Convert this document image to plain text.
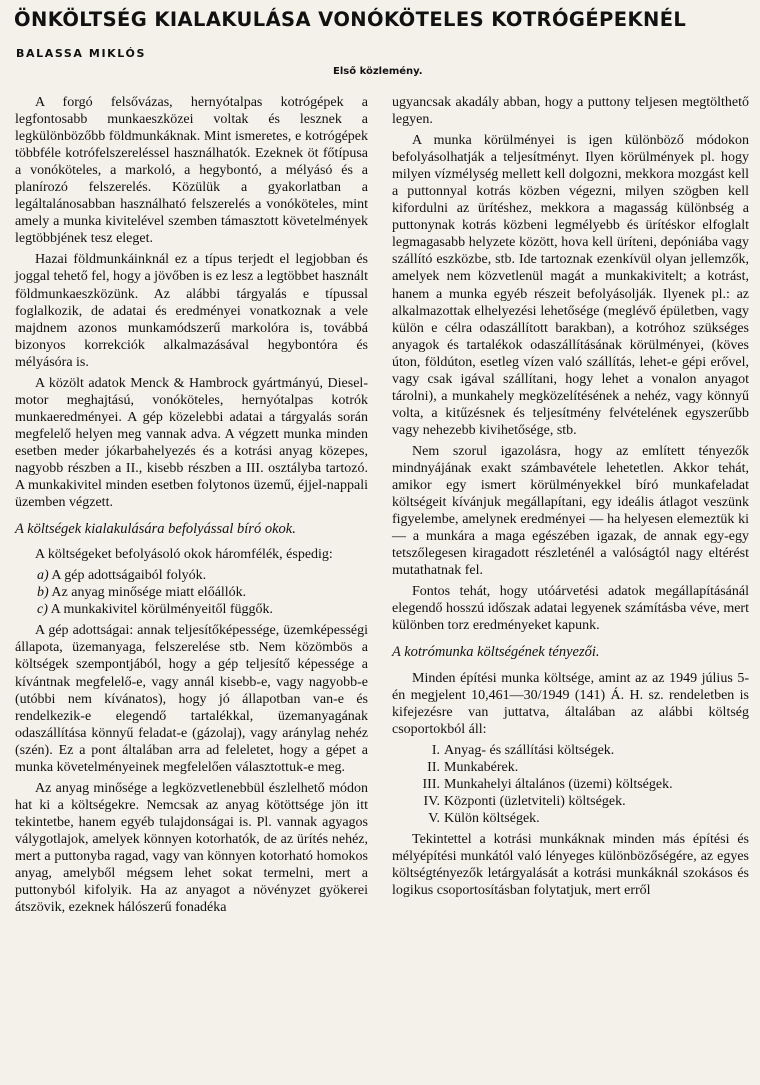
ÖNKÖLTSÉG KIALAKULÁSA VONÓKÖTELES KOTRÓGÉPEKNÉL
BALASSA MIKLÓS
Első közlemény.

A forgó felsővázas, hernyótalpas kotrógépek a legfontosabb munkaeszközei voltak és lesznek a legkülönbözőbb földmunkáknak. Mint ismeretes, e kotrógépek többféle kotrófelszereléssel használhatók. Ezeknek öt főtípusa a vonóköteles, a markoló, a hegybontó, a mélyásó és a planírozó felszerelés. Közülük a gyakorlatban a legáltalánosabban használható felszerelés a vonóköteles, mint amely a munka kivitelével szemben támasztott követelmények legtöbbjének tesz eleget.

Hazai földmunkáinknál ez a típus terjedt el legjobban és joggal tehető fel, hogy a jövőben is ez lesz a legtöbbet használt földmunkaeszközünk. Az alábbi tárgyalás e típussal foglalkozik, de adatai és eredményei vonatkoznak a vele majdnem azonos munkamódszerű markolóra is, továbbá bizonyos korrekciók alkalmazásával hegybontóra és mélyásóra is.

A közölt adatok Menck & Hambrock gyártmányú, Diesel-motor meghajtású, vonóköteles, hernyótalpas kotrók munkaeredményei. A gép közelebbi adatai a tárgyalás során megfelelő helyen meg vannak adva. A végzett munka minden esetben meder jókarbahelyezés és a kotrási anyag közepes, nagyobb részben a II., kisebb részben a III. osztályba tartozó. A munkakivitel minden esetben folytonos üzemű, éjjel-nappali üzemben végzett.

A költségek kialakulására befolyással bíró okok.

A költségeket befolyásoló okok háromfélék, éspedig:

a) A gép adottságaiból folyók.
b) Az anyag minősége miatt előállók.
c) A munkakivitel körülményeitől függők.

A gép adottságai: annak teljesítőképessége, üzemképességi állapota, üzemanyaga, felszerelése stb. Nem közömbös a költségek szempontjából, hogy a gép teljesítő képessége a kívántnak megfelelő-e, vagy annál kisebb-e, vagy nagyobb-e (utóbbi nem kívánatos), hogy jó állapotban van-e és rendelkezik-e elegendő tartalékkal, üzemanyagának odaszállítása könnyű feladat-e (gázolaj), vagy aránylag nehéz (szén). Ez a pont általában arra ad feleletet, hogy a gépet a munka követelményeinek megfelelően választottuk-e meg.

Az anyag minősége a legközvetlenebbül észlelhető módon hat ki a költségekre. Nemcsak az anyag kötöttsége jön itt tekintetbe, hanem egyéb tulajdonságai is. Pl. vannak agyagos válygotlajok, amelyek könnyen kotorhatók, de az ürítés nehéz, mert a puttonyba ragad, vagy van könnyen kotorható homokos anyag, amelyből mégsem lehet sokat termelni, mert a puttonyból kifolyik. Ha az anyagot a növényzet gyökerei átszövik, ezeknek hálószerű fonadéka

ugyancsak akadály abban, hogy a puttony teljesen megtölthető legyen.

A munka körülményei is igen különböző módokon befolyásolhatják a teljesítményt. Ilyen körülmények pl. hogy milyen vízmélység mellett kell dolgozni, mekkora mozgást kell a puttonnyal kotrás közben végezni, milyen szögben kell kifordulni az ürítéshez, mekkora a magasság különbség a puttonynak kotrás közbeni legmélyebb és ürítéskor elfoglalt legmagasabb helyzete között, hova kell üríteni, depóniába vagy szállító eszközbe, stb. Ide tartoznak ezenkívül olyan jellemzők, amelyek nem közvetlenül magát a munkakivitelt; a kotrást, hanem a munka egyéb részeit befolyásolják. Ilyenek pl.: az alkalmazottak elhelyezési lehetősége (meglévő épületben, vagy külön e célra odaszállított barakban), a kotróhoz szükséges anyagok és tartalékok odaszállításának körülményei, (köves úton, földúton, esetleg vízen való szállítás, lehet-e gépi erővel, vagy csak igával szállítani, hogy lehet a vonalon anyagot tárolni), a munkahely megközelítésének a nehéz, vagy könnyű volta, a kitűzésnek és teljesítmény felvételének egyszerűbb vagy nehezebb kivihetősége, stb.

Nem szorul igazolásra, hogy az említett tényezők mindnyájának exakt számbavétele lehetetlen. Akkor tehát, amikor egy ismert körülményekkel bíró munkafeladat költségeit kívánjuk megállapítani, egy ideális átlagot veszünk figyelembe, amelynek eredményei — ha helyesen elemeztük ki — a munkára a maga egészében igazak, de annak egy-egy tetszőlegesen kiragadott részleténél a valóságtól nagy eltérést mutathatnak fel.

Fontos tehát, hogy utóárvetési adatok megállapításánál elegendő hosszú időszak adatai legyenek számításba véve, mert különben torz eredményeket kapunk.

A kotrómunka költségének tényezői.

Minden építési munka költsége, amint az az 1949 július 5-én megjelent 10,461—30/1949 (141) Á. H. sz. rendeletben is kifejezésre van juttatva, általában az alábbi költség csoportokból áll:

I. Anyag- és szállítási költségek.
II. Munkabérek.
III. Munkahelyi általános (üzemi) költségek.
IV. Központi (üzletviteli) költségek.
V. Külön költségek.

Tekintettel a kotrási munkáknak minden más építési és mélyépítési munkától való lényeges különbözőségére, az egyes költségtényezők letárgyalását a kotrási munkáknál szokásos és logikus csoportosításban folytatjuk, mert erről
